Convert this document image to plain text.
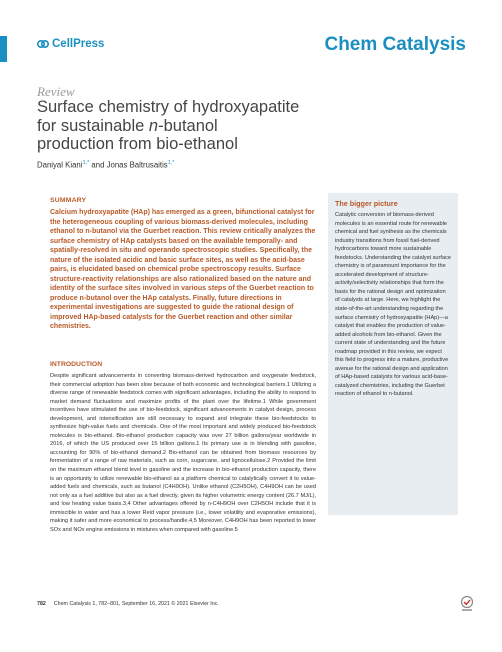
CellPress	Chem Catalysis
Review
Surface chemistry of hydroxyapatite
for sustainable n-butanol
production from bio-ethanol
Daniyal Kiani$^{1,*}$ and Jonas Baltrusaitis$^{1,*}$
SUMMARY

Calcium hydroxyapatite (HAp) has emerged as a green, bifunctional catalyst for the heterogeneous coupling of various biomass-derived molecules, including ethanol to n-butanol via the Guerbet reaction. This review critically analyzes the surface chemistry of HAp catalysts based on the available temporally- and spatially-resolved in situ and operando spectroscopic studies. Specifically, the nature of the isolated acidic and basic surface sites, as well as the acid-base pairs, is elucidated based on chemical probe spectroscopy results. Surface structure-reactivity relationships are also rationalized based on the nature and identity of the surface sites involved in various steps of the Guerbet reaction to produce n-butanol over the HAp catalysts. Finally, future directions in experimental investigations are suggested to guide the rational design of improved HAp-based catalysts for the Guerbet reaction and other similar chemistries.

INTRODUCTION

Despite significant advancements in converting biomass-derived hydrocarbon and oxygenate feedstock, their commercial adoption has been slow because of both economic and technological barriers.1 Utilizing a diverse range of renewable feedstock comes with significant advantages, including the ability to respond to market demand fluctuations and maximize profits of the plant over the lifetime.1 While government incentives have stimulated the use of bio-feedstock, significant advancements in catalyst design, process development, and intensification are still necessary to expand and integrate these bio-feedstocks to synthesize high-value fuels and chemicals. One of the most important and widely produced bio-feedstock molecules is bio-ethanol. Bio-ethanol production capacity was over 27 billion gallons/year worldwide in 2016, of which the US produced over 15 billion gallons.1 Its primary use is in blending with gasoline, accounting for 90% of bio-ethanol demand.2 Bio-ethanol can be obtained from biomass resources by fermentation of a range of raw materials, such as corn, sugarcane, and lignocellulose.2 Provided the limit on the maximum ethanol blend level in gasoline and the increase in bio-ethanol production capacity, there is an opportunity to utilize renewable bio-ethanol as a platform chemical to catalytically convert it to value-added fuels and chemicals, such as butanol (C4H9OH). Unlike ethanol (C2H5OH), C4H9OH can be used not only as a fuel additive but also as a fuel directly, given its higher volumetric energy content (26.7 MJ/L), and low heating value basis.3,4 Other advantages offered by n-C4H9OH over C2H5OH include that it is immiscible in water and has a lower Reid vapor pressure (i.e., lower volatility and evaporative emissions), making it safer and more economical to process/handle.4,5 Moreover, C4H9OH has been reported to lower SOx and NOx engine emissions in mixtures when compared with gasoline.5

The bigger picture

Catalytic conversion of biomass-derived molecules is an essential route for renewable chemical and fuel synthesis as the chemicals industry transitions from fossil fuel-derived hydrocarbons toward more sustainable feedstocks. Understanding the catalyst surface chemistry is of paramount importance for the accelerated development of structure-activity/selectivity relationships that form the basis for the rational design and optimization of catalysts at large. Here, we highlight the state-of-the-art understanding regarding the surface chemistry of hydroxyapatite (HAp)—a catalyst that enables the production of value-added alcohols from bio-ethanol. Given the current state of understanding and the future roadmap provided in this review, we expect this field to progress into a mature, productive avenue for the rational design and application of HAp-based catalysts for various acid-base-catalyzed chemistries, including the Guerbet reaction of ethanol to n-butanol.

782 Chem Catalysis 1, 782–801, September 16, 2021 © 2021 Elsevier Inc.
